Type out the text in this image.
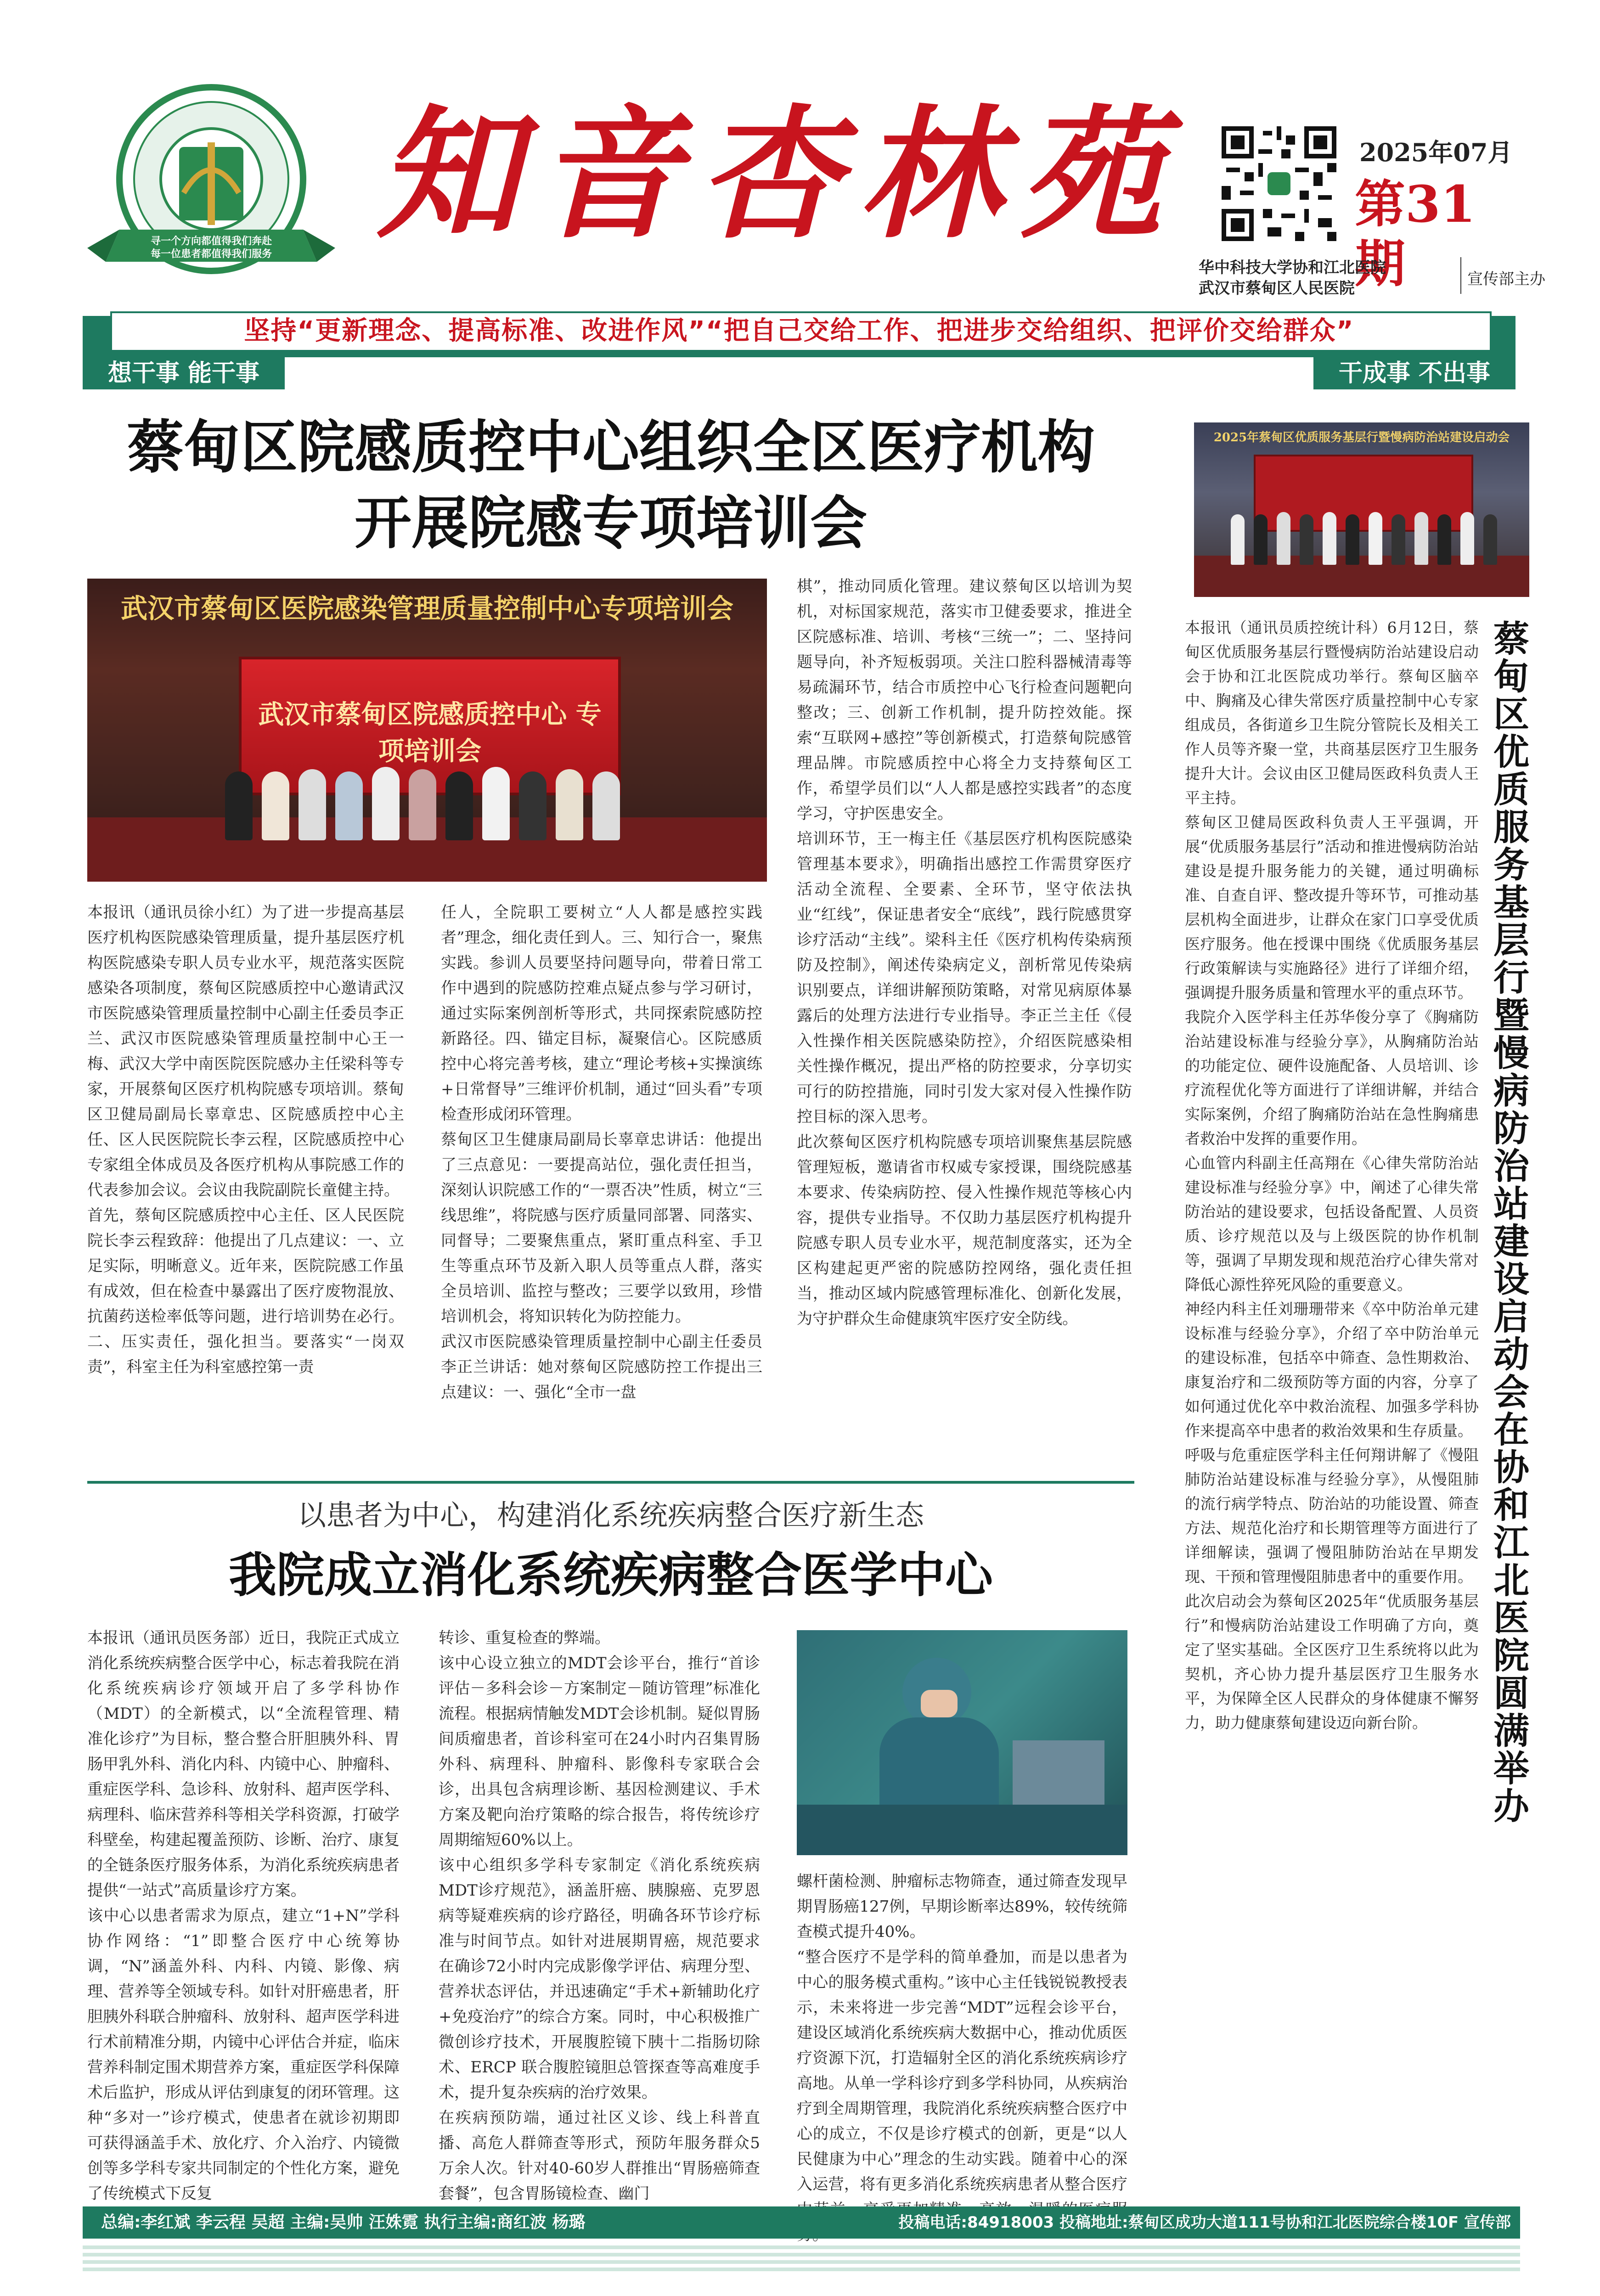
寻一个方向都值得我们奔赴
每一位患者都值得我们服务 知音杏林苑	2025年07月
第31期
华中科技大学协和江北医院
武汉市蔡甸区人民医院	宣传部主办
坚持“更新理念、提高标准、改进作风”“把自己交给工作、把进步交给组织、把评价交给群众”
想干事 能干事	干成事 不出事
蔡甸区院感质控中心组织全区医疗机构
开展院感专项培训会
武汉市蔡甸区医院感染管理质量控制中心专项培训会
武汉市蔡甸区院感质控中心 专项培训会
本报讯（通讯员徐小红）为了进一步提高基层医疗机构医院感染管理质量，提升基层医疗机构医院感染专职人员专业水平，规范落实医院感染各项制度，蔡甸区院感质控中心邀请武汉市医院感染管理质量控制中心副主任委员李正兰、武汉市医院感染管理质量控制中心王一梅、武汉大学中南医院医院感办主任梁科等专家，开展蔡甸区医疗机构院感专项培训。蔡甸区卫健局副局长辜章忠、区院感质控中心主任、区人民医院院长李云程，区院感质控中心专家组全体成员及各医疗机构从事院感工作的代表参加会议。会议由我院副院长童健主持。
首先，蔡甸区院感质控中心主任、区人民医院院长李云程致辞：他提出了几点建议：一、立足实际，明晰意义。近年来，医院院感工作虽有成效，但在检查中暴露出了医疗废物混放、抗菌药送检率低等问题，进行培训势在必行。二、压实责任，强化担当。要落实“一岗双责”，科室主任为科室感控第一责
任人，全院职工要树立“人人都是感控实践者”理念，细化责任到人。三、知行合一，聚焦实践。参训人员要坚持问题导向，带着日常工作中遇到的院感防控难点疑点参与学习研讨，通过实际案例剖析等形式，共同探索院感防控新路径。四、锚定目标，凝聚信心。区院感质控中心将完善考核，建立“理论考核+实操演练+日常督导”三维评价机制，通过“回头看”专项检查形成闭环管理。
蔡甸区卫生健康局副局长辜章忠讲话：他提出了三点意见：一要提高站位，强化责任担当，深刻认识院感工作的“一票否决”性质，树立“三线思维”，将院感与医疗质量同部署、同落实、同督导；二要聚焦重点，紧盯重点科室、手卫生等重点环节及新入职人员等重点人群，落实全员培训、监控与整改；三要学以致用，珍惜培训机会，将知识转化为防控能力。
武汉市医院感染管理质量控制中心副主任委员李正兰讲话：她对蔡甸区院感防控工作提出三点建议：一、强化“全市一盘
棋”，推动同质化管理。建议蔡甸区以培训为契机，对标国家规范，落实市卫健委要求，推进全区院感标准、培训、考核“三统一”；二、坚持问题导向，补齐短板弱项。关注口腔科器械清毒等易疏漏环节，结合市质控中心飞行检查问题靶向整改；三、创新工作机制，提升防控效能。探索“互联网+感控”等创新模式，打造蔡甸院感管理品牌。市院感质控中心将全力支持蔡甸区工作，希望学员们以“人人都是感控实践者”的态度学习，守护医患安全。
培训环节，王一梅主任《基层医疗机构医院感染管理基本要求》，明确指出感控工作需贯穿医疗活动全流程、全要素、全环节，坚守依法执业“红线”，保证患者安全“底线”，践行院感贯穿诊疗活动“主线”。梁科主任《医疗机构传染病预防及控制》，阐述传染病定义，剖析常见传染病识别要点，详细讲解预防策略，对常见病原体暴露后的处理方法进行专业指导。李正兰主任《侵入性操作相关医院感染防控》，介绍医院感染相关性操作概况，提出严格的防控要求，分享切实可行的防控措施，同时引发大家对侵入性操作防控目标的深入思考。
此次蔡甸区医疗机构院感专项培训聚焦基层院感管理短板，邀请省市权威专家授课，围绕院感基本要求、传染病防控、侵入性操作规范等核心内容，提供专业指导。不仅助力基层医疗机构提升院感专职人员专业水平，规范制度落实，还为全区构建起更严密的院感防控网络，强化责任担当，推动区域内院感管理标准化、创新化发展，为守护群众生命健康筑牢医疗安全防线。
以患者为中心，构建消化系统疾病整合医疗新生态
我院成立消化系统疾病整合医学中心
本报讯（通讯员医务部）近日，我院正式成立消化系统疾病整合医学中心，标志着我院在消化系统疾病诊疗领域开启了多学科协作（MDT）的全新模式，以“全流程管理、精准化诊疗”为目标，整合整合肝胆胰外科、胃肠甲乳外科、消化内科、内镜中心、肿瘤科、重症医学科、急诊科、放射科、超声医学科、病理科、临床营养科等相关学科资源，打破学科壁垒，构建起覆盖预防、诊断、治疗、康复的全链条医疗服务体系，为消化系统疾病患者提供“一站式”高质量诊疗方案。
该中心以患者需求为原点，建立“1+N”学科协作网络：“1”即整合医疗中心统筹协调，“N”涵盖外科、内科、内镜、影像、病理、营养等全领域专科。如针对肝癌患者，肝胆胰外科联合肿瘤科、放射科、超声医学科进行术前精准分期，内镜中心评估合并症，临床营养科制定围术期营养方案，重症医学科保障术后监护，形成从评估到康复的闭环管理。这种“多对一”诊疗模式，使患者在就诊初期即可获得涵盖手术、放化疗、介入治疗、内镜微创等多学科专家共同制定的个性化方案，避免了传统模式下反复
转诊、重复检查的弊端。
该中心设立独立的MDT会诊平台，推行“首诊评估－多科会诊－方案制定－随访管理”标准化流程。根据病情触发MDT会诊机制。疑似胃肠间质瘤患者，首诊科室可在24小时内召集胃肠外科、病理科、肿瘤科、影像科专家联合会诊，出具包含病理诊断、基因检测建议、手术方案及靶向治疗策略的综合报告，将传统诊疗周期缩短60%以上。
该中心组织多学科专家制定《消化系统疾病MDT诊疗规范》，涵盖肝癌、胰腺癌、克罗恩病等疑难疾病的诊疗路径，明确各环节诊疗标准与时间节点。如针对进展期胃癌，规范要求在确诊72小时内完成影像学评估、病理分型、营养状态评估，并迅速确定“手术+新辅助化疗+免疫治疗”的综合方案。同时，中心积极推广微创诊疗技术，开展腹腔镜下胰十二指肠切除术、ERCP 联合腹腔镜胆总管探查等高难度手术，提升复杂疾病的治疗效果。
在疾病预防端，通过社区义诊、线上科普直播、高危人群筛查等形式，预防年服务群众5万余人次。针对40-60岁人群推出“胃肠癌筛查套餐”，包含胃肠镜检查、幽门
螺杆菌检测、肿瘤标志物筛查，通过筛查发现早期胃肠癌127例，早期诊断率达89%，较传统筛查模式提升40%。
“整合医疗不是学科的简单叠加，而是以患者为中心的服务模式重构。”该中心主任钱锐锐教授表示，未来将进一步完善“MDT”远程会诊平台，建设区域消化系统疾病大数据中心，推动优质医疗资源下沉，打造辐射全区的消化系统疾病诊疗高地。从单一学科诊疗到多学科协同，从疾病治疗到全周期管理，我院消化系统疾病整合医疗中心的成立，不仅是诊疗模式的创新，更是“以人民健康为中心”理念的生动实践。随着中心的深入运营，将有更多消化系统疾病患者从整合医疗
2025年蔡甸区优质服务基层行暨慢病防治站建设启动会
本报讯（通讯员质控统计科）6月12日，蔡甸区优质服务基层行暨慢病防治站建设启动会于协和江北医院成功举行。蔡甸区脑卒中、胸痛及心律失常医疗质量控制中心专家组成员，各街道乡卫生院分管院长及相关工作人员等齐聚一堂，共商基层医疗卫生服务提升大计。会议由区卫健局医政科负责人王平主持。
蔡甸区卫健局医政科负责人王平强调，开展“优质服务基层行”活动和推进慢病防治站建设是提升服务能力的关键，通过明确标准、自查自评、整改提升等环节，可推动基层机构全面进步，让群众在家门口享受优质医疗服务。他在授课中围绕《优质服务基层行政策解读与实施路径》进行了详细介绍，强调提升服务质量和管理水平的重点环节。
我院介入医学科主任苏华俊分享了《胸痛防治站建设标准与经验分享》，从胸痛防治站的功能定位、硬件设施配备、人员培训、诊疗流程优化等方面进行了详细讲解，并结合实际案例，介绍了胸痛防治站在急性胸痛患者救治中发挥的重要作用。
心血管内科副主任高翔在《心律失常防治站建设标准与经验分享》中，阐述了心律失常防治站的建设要求，包括设备配置、人员资质、诊疗规范以及与上级医院的协作机制等，强调了早期发现和规范治疗心律失常对降低心源性猝死风险的重要意义。
神经内科主任刘珊珊带来《卒中防治单元建设标准与经验分享》，介绍了卒中防治单元的建设标准，包括卒中筛查、急性期救治、康复治疗和二级预防等方面的内容，分享了如何通过优化卒中救治流程、加强多学科协作来提高卒中患者的救治效果和生存质量。
呼吸与危重症医学科主任何翔讲解了《慢阻肺防治站建设标准与经验分享》，从慢阻肺的流行病学特点、防治站的功能设置、筛查方法、规范化治疗和长期管理等方面进行了详细解读，强调了慢阻肺防治站在早期发现、干预和管理慢阻肺患者中的重要作用。
此次启动会为蔡甸区2025年“优质服务基层行”和慢病防治站建设工作明确了方向，奠定了坚实基础。全区医疗卫生系统将以此为契机，齐心协力提升基层医疗卫生服务水平，为保障全区人民群众的身体健康不懈努力，助力健康蔡甸建设迈向新台阶。	蔡甸区优质服务基层行暨慢病防治站建设启动会在协和江北医院圆满举办
总编:李红斌 李云程 吴超 主编:吴帅 汪姝霓 执行主编:商红波 杨璐	投稿电话:84918003 投稿地址:蔡甸区成功大道111号协和江北医院综合楼10F 宣传部
